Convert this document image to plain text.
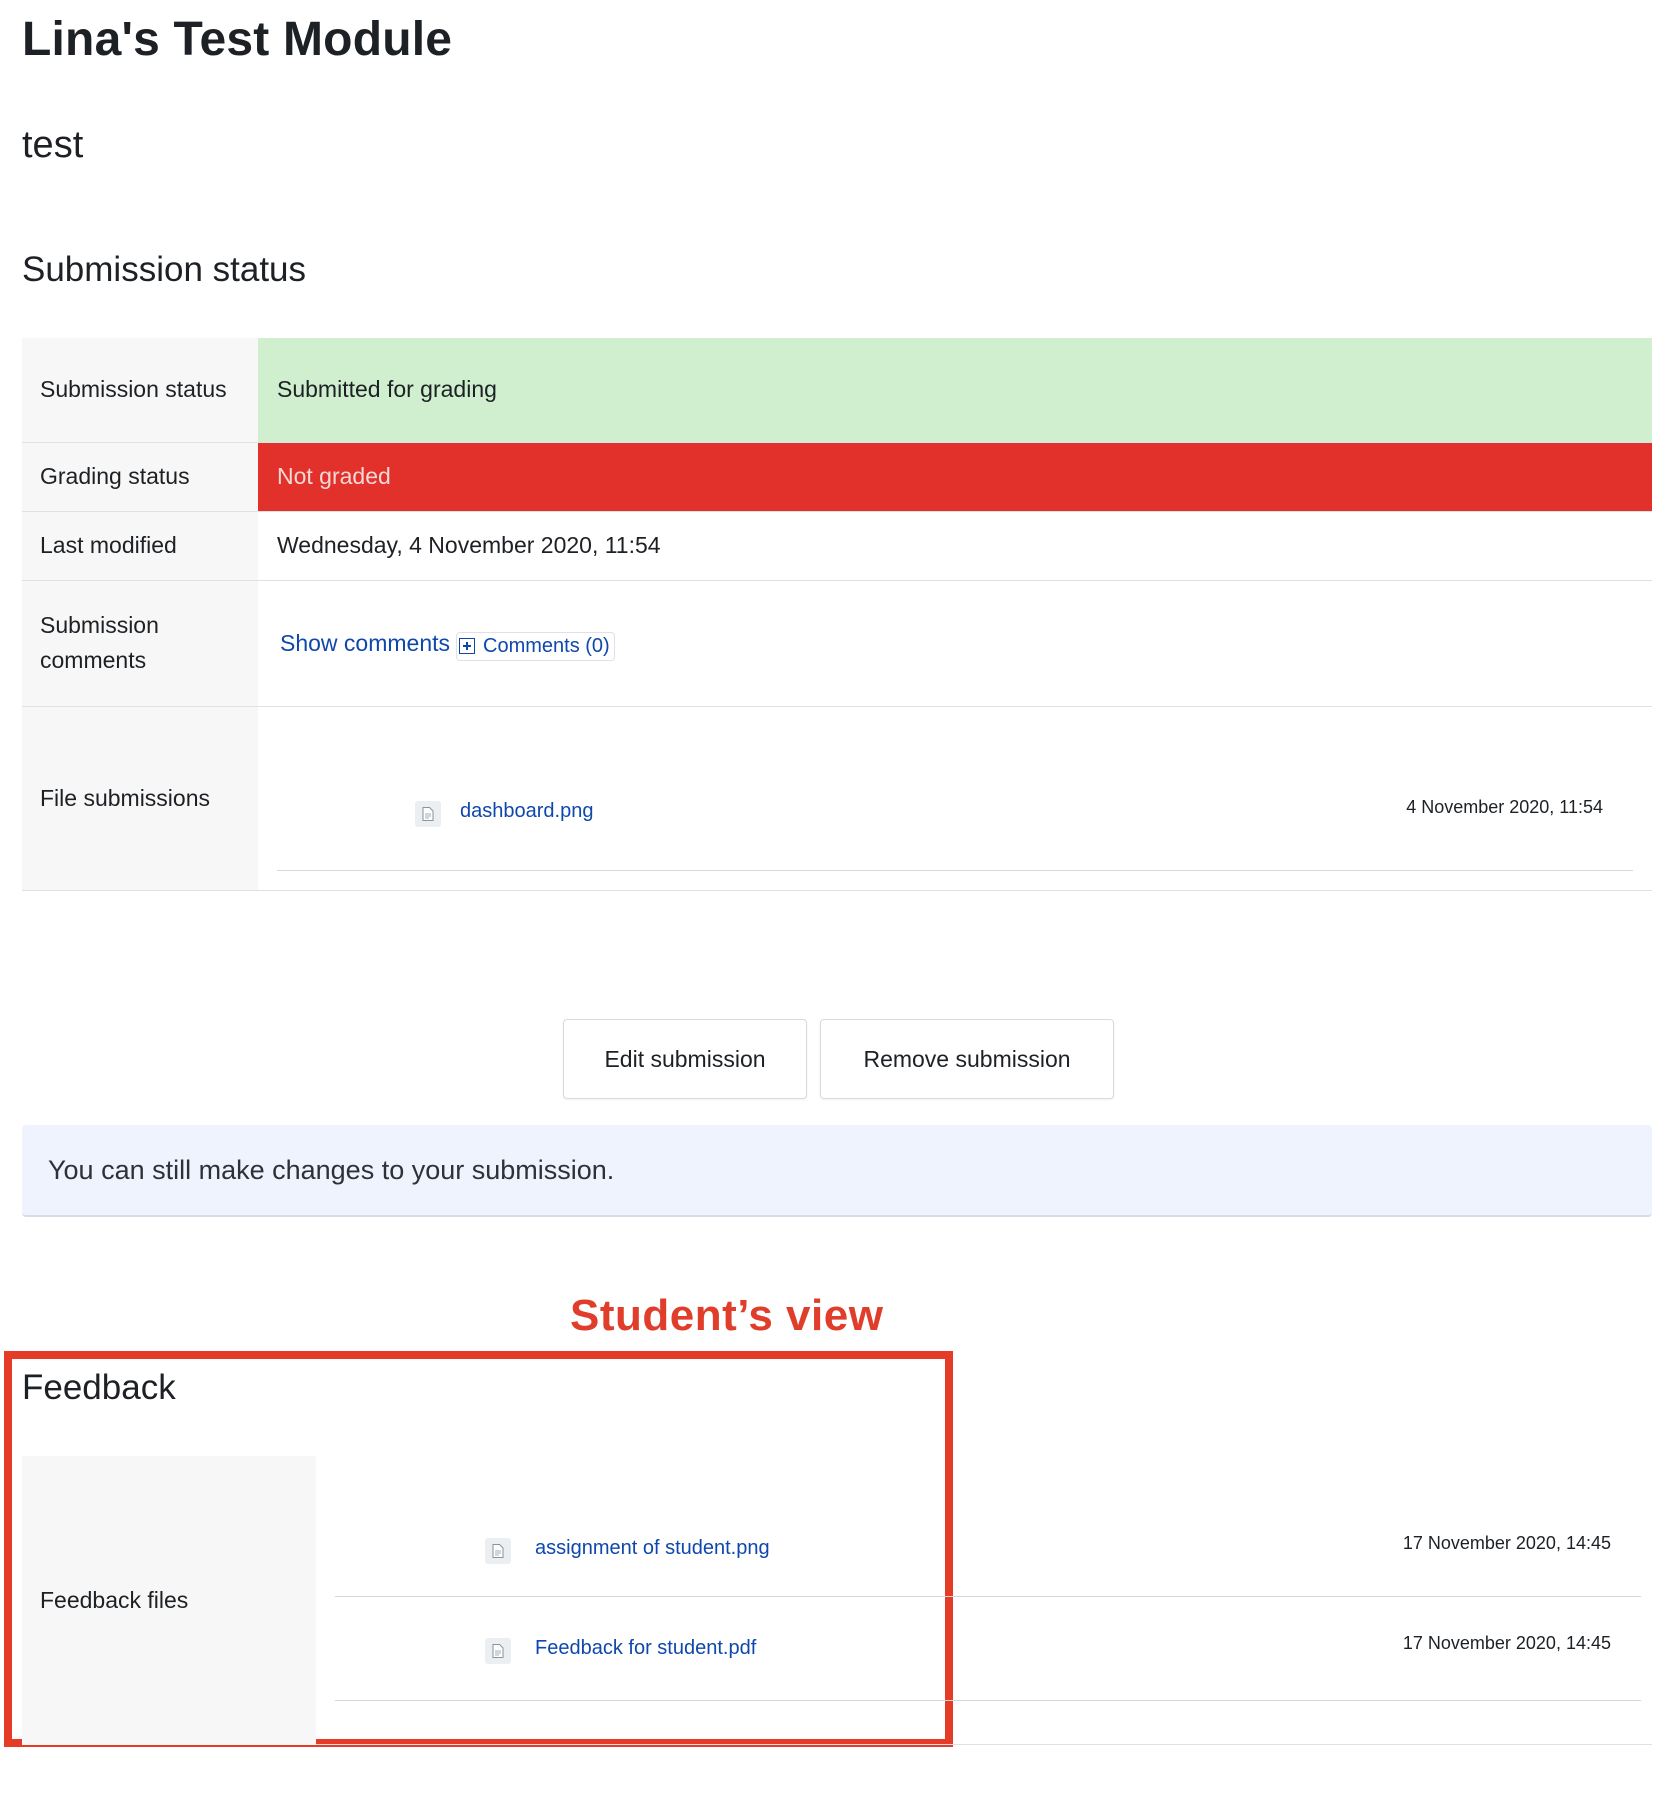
Lina's Test Module
test
Submission status
Submission status	Submitted for grading
Grading status	Not graded
Last modified	Wednesday, 4 November 2020, 11:54
Submission comments	Show comments Comments (0)

File submissions	dashboard.png 4 November 2020, 11:54
Edit submission	Remove submission
You can still make changes to your submission.
Student’s view
Feedback
Feedback files
assignment of student.png	17 November 2020, 14:45
Feedback for student.pdf	17 November 2020, 14:45
